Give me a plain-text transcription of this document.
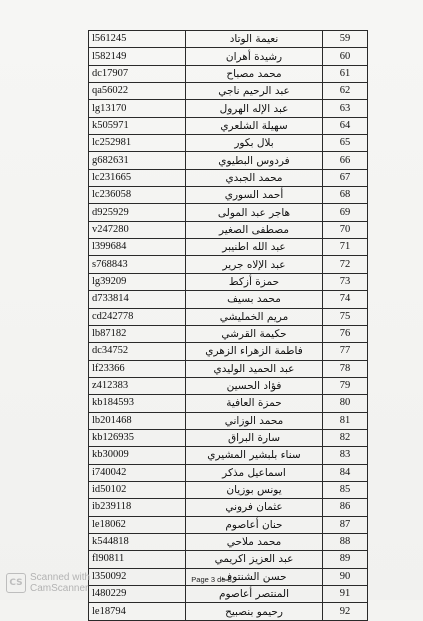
l561245	نعيمة الوتاد	59
l582149	رشيدة أهران	60
dc17907	محمد مصباح	61
qa56022	عبد الرحيم ناجي	62
lg13170	عبد الإله الهرول	63
k505971	سهيلة الشلعري	64
lc252981	بلال بكور	65
g682631	فردوس البطيوي	66
lc231665	محمد الجبدي	67
lc236058	أحمد السوري	68
d925929	هاجر عبد المولى	69
v247280	مصطفى الصغير	70
l399684	عبد الله اطنيبر	71
s768843	عبد الإلاه جرير	72
lg39209	حمزة أزكط	73
d733814	محمد بسيف	74
cd242778	مريم الخمليشي	75
lb87182	حكيمة القرشي	76
dc34752	فاطمة الزهراء الزهري	77
lf23366	عبد الحميد الوليدي	78
z412383	فؤاد الحسين	79
kb184593	حمزة العافية	80
lb201468	محمد الوزاني	81
kb126935	سارة البراق	82
kb30009	سناء بلبشير المشيري	83
i740042	اسماعيل مذكر	84
id50102	يونس بوزيان	85
ib239118	عثمان فروني	86
le18062	حنان أعاصوم	87
k544818	محمد ملاحي	88
fl90811	عبد العزيز اكريمي	89
l350092	حسن الشنتوف	90
l480229	المنتصر أعاصوم	91
le18794	رحيمو بنصبيح	92
Page 3 de 5
CS Scanned with
CamScanner
